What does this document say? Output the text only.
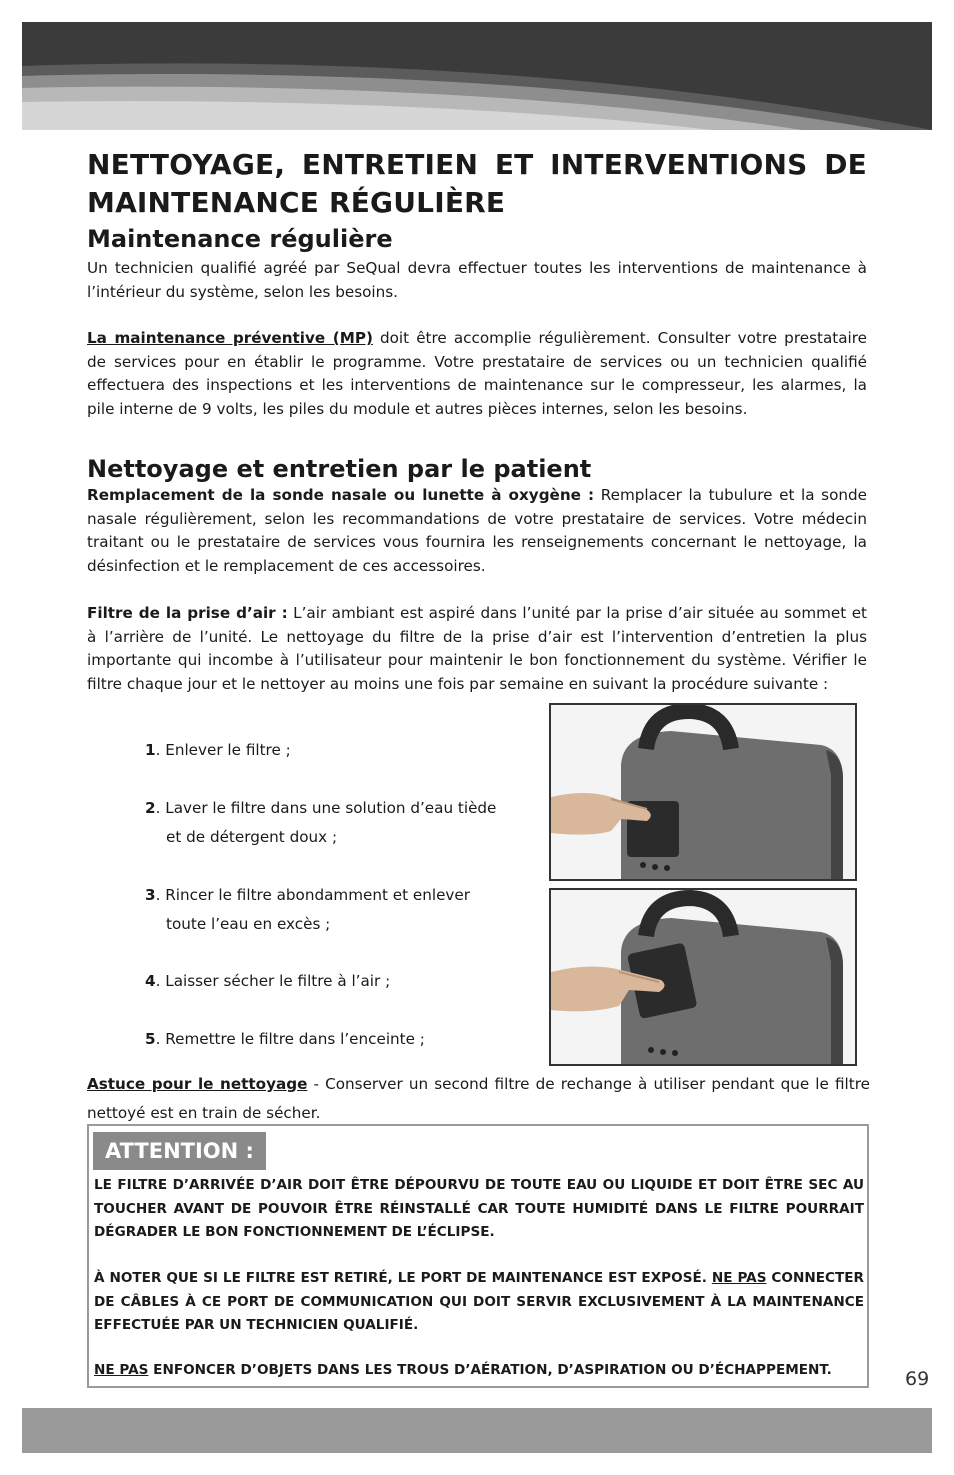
NETTOYAGE, ENTRETIEN ET INTERVENTIONS DE MAINTENANCE RÉGULIÈRE
Maintenance régulière

Un technicien qualifié agréé par SeQual devra effectuer toutes les interventions de maintenance à l’intérieur du système, selon les besoins.

La maintenance préventive (MP) doit être accomplie régulièrement. Consulter votre prestataire de services pour en établir le programme. Votre prestataire de services ou un technicien qualifié effectuera des inspections et les interventions de maintenance sur le compresseur, les alarmes, la pile interne de 9 volts, les piles du module et autres pièces internes, selon les besoins.

Nettoyage et entretien par le patient

Remplacement de la sonde nasale ou lunette à oxygène : Remplacer la tubulure et la sonde nasale régulièrement, selon les recommandations de votre prestataire de services. Votre médecin traitant ou le prestataire de services vous fournira les renseignements concernant le nettoyage, la désinfection et le remplacement de ces accessoires.

Filtre de la prise d’air : L’air ambiant est aspiré dans l’unité par la prise d’air située au sommet et à l’arrière de l’unité. Le nettoyage du filtre de la prise d’air est l’intervention d’entretien la plus importante qui incombe à l’utilisateur pour maintenir le bon fonctionnement du système. Vérifier le filtre chaque jour et le nettoyer au moins une fois par semaine en suivant la procédure suivante :

1. Enlever le filtre ;
2. Laver le filtre dans une solution d’eau tiède
et de détergent doux ;
3. Rincer le filtre abondamment et enlever
toute l’eau en excès ;
4. Laisser sécher le filtre à l’air ;
5. Remettre le filtre dans l’enceinte ;

Astuce pour le nettoyage - Conserver un second filtre de rechange à utiliser pendant que le filtre nettoyé est en train de sécher.

ATTENTION :

LE FILTRE D’ARRIVÉE D’AIR DOIT ÊTRE DÉPOURVU DE TOUTE EAU OU LIQUIDE ET DOIT ÊTRE SEC AU TOUCHER AVANT DE POUVOIR ÊTRE RÉINSTALLÉ CAR TOUTE HUMIDITÉ DANS LE FILTRE POURRAIT DÉGRADER LE BON FONCTIONNEMENT DE L’ÉCLIPSE.

À NOTER QUE SI LE FILTRE EST RETIRÉ, LE PORT DE MAINTENANCE EST EXPOSÉ. NE PAS CONNECTER DE CÂBLES À CE PORT DE COMMUNICATION QUI DOIT SERVIR EXCLUSIVEMENT À LA MAINTENANCE EFFECTUÉE PAR UN TECHNICIEN QUALIFIÉ.

NE PAS ENFONCER D’OBJETS DANS LES TROUS D’AÉRATION, D’ASPIRATION OU D’ÉCHAPPEMENT.	69
